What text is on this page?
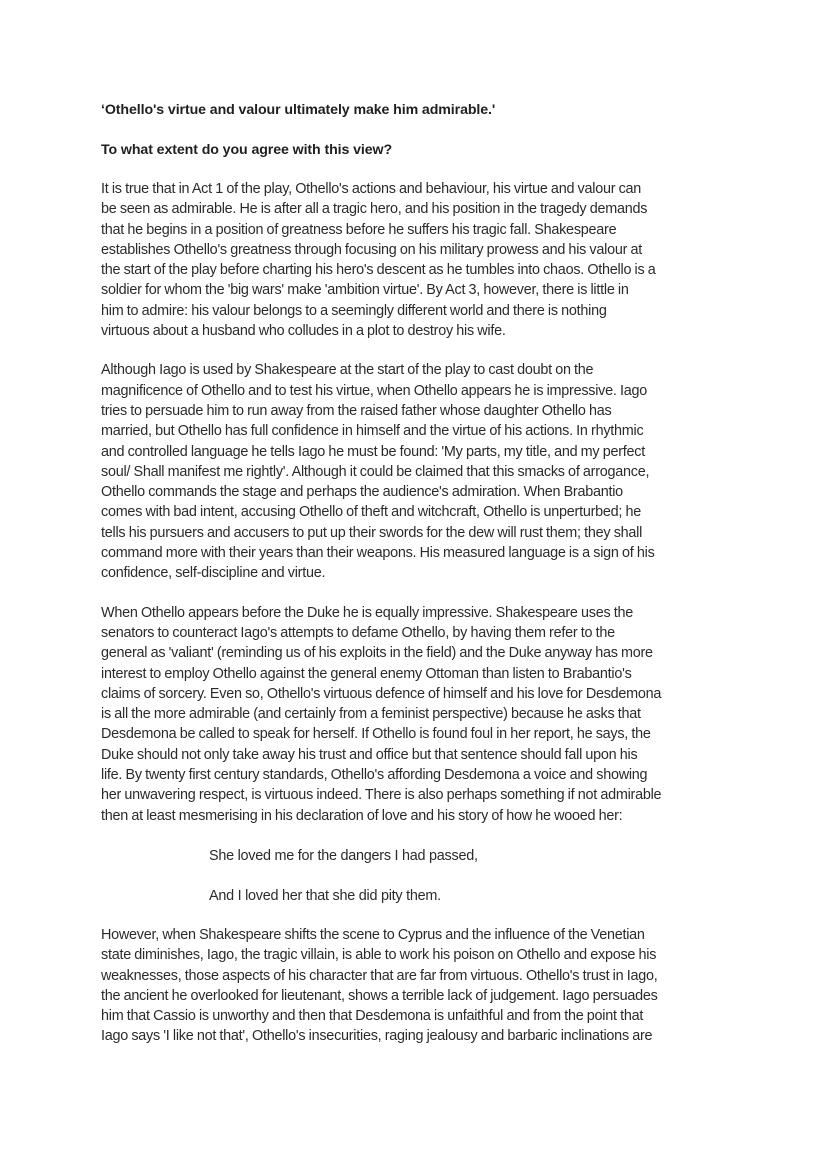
‘Othello's virtue and valour ultimately make him admirable.'

To what extent do you agree with this view?

It is true that in Act 1 of the play, Othello's actions and behaviour, his virtue and valour can
be seen as admirable. He is after all a tragic hero, and his position in the tragedy demands
that he begins in a position of greatness before he suffers his tragic fall. Shakespeare
establishes Othello's greatness through focusing on his military prowess and his valour at
the start of the play before charting his hero's descent as he tumbles into chaos. Othello is a
soldier for whom the 'big wars' make 'ambition virtue'. By Act 3, however, there is little in
him to admire: his valour belongs to a seemingly different world and there is nothing
virtuous about a husband who colludes in a plot to destroy his wife.

Although Iago is used by Shakespeare at the start of the play to cast doubt on the
magnificence of Othello and to test his virtue, when Othello appears he is impressive. Iago
tries to persuade him to run away from the raised father whose daughter Othello has
married, but Othello has full confidence in himself and the virtue of his actions. In rhythmic
and controlled language he tells Iago he must be found: 'My parts, my title, and my perfect
soul/ Shall manifest me rightly'. Although it could be claimed that this smacks of arrogance,
Othello commands the stage and perhaps the audience's admiration. When Brabantio
comes with bad intent, accusing Othello of theft and witchcraft, Othello is unperturbed; he
tells his pursuers and accusers to put up their swords for the dew will rust them; they shall
command more with their years than their weapons. His measured language is a sign of his
confidence, self-discipline and virtue.

When Othello appears before the Duke he is equally impressive. Shakespeare uses the
senators to counteract Iago's attempts to defame Othello, by having them refer to the
general as 'valiant' (reminding us of his exploits in the field) and the Duke anyway has more
interest to employ Othello against the general enemy Ottoman than listen to Brabantio's
claims of sorcery. Even so, Othello's virtuous defence of himself and his love for Desdemona
is all the more admirable (and certainly from a feminist perspective) because he asks that
Desdemona be called to speak for herself. If Othello is found foul in her report, he says, the
Duke should not only take away his trust and office but that sentence should fall upon his
life. By twenty first century standards, Othello's affording Desdemona a voice and showing
her unwavering respect, is virtuous indeed. There is also perhaps something if not admirable
then at least mesmerising in his declaration of love and his story of how he wooed her:

She loved me for the dangers I had passed,

And I loved her that she did pity them.

However, when Shakespeare shifts the scene to Cyprus and the influence of the Venetian
state diminishes, Iago, the tragic villain, is able to work his poison on Othello and expose his
weaknesses, those aspects of his character that are far from virtuous. Othello's trust in Iago,
the ancient he overlooked for lieutenant, shows a terrible lack of judgement. Iago persuades
him that Cassio is unworthy and then that Desdemona is unfaithful and from the point that
Iago says 'I like not that', Othello's insecurities, raging jealousy and barbaric inclinations are
